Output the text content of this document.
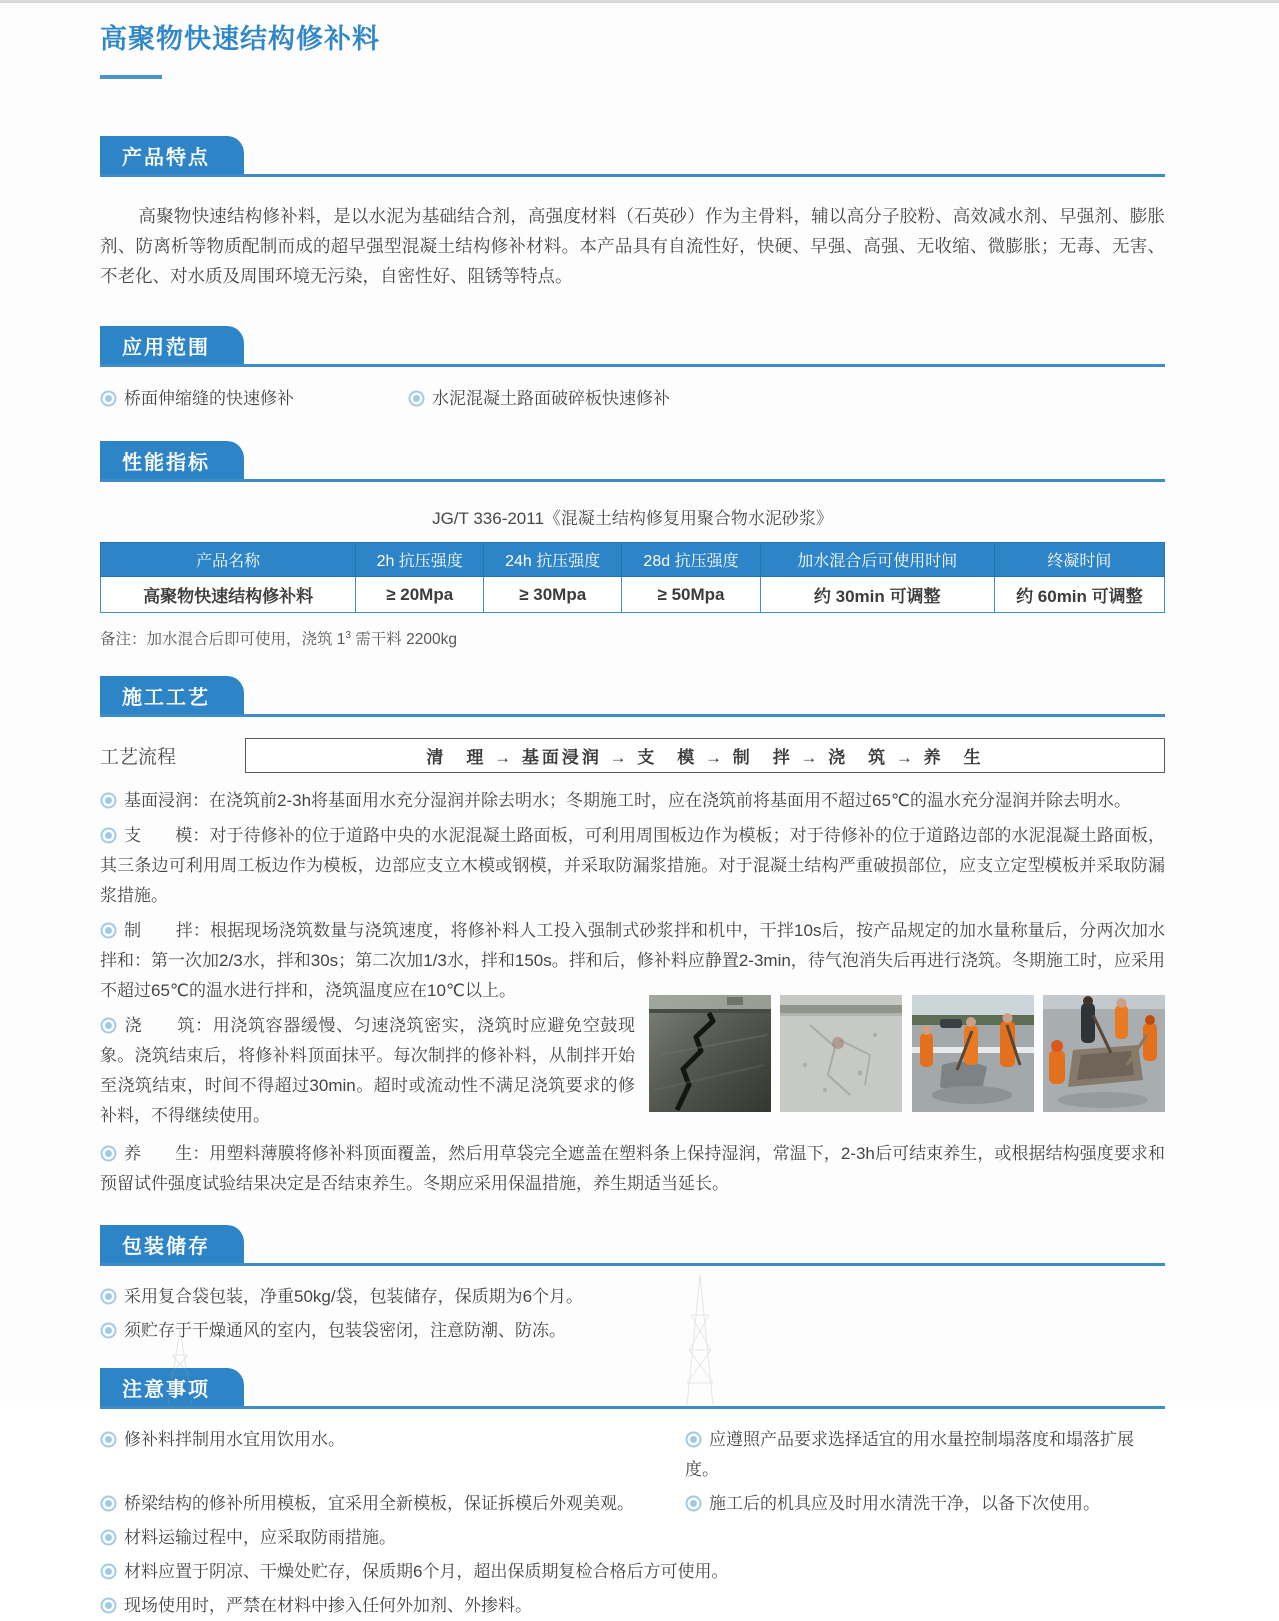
高聚物快速结构修补料
产品特点

高聚物快速结构修补料，是以水泥为基础结合剂，高强度材料（石英砂）作为主骨料，辅以高分子胶粉、高效减水剂、早强剂、膨胀剂、防离析等物质配制而成的超早强型混凝土结构修补材料。本产品具有自流性好，快硬、早强、高强、无收缩、微膨胀；无毒、无害、不老化、对水质及周围环境无污染，自密性好、阻锈等特点。

应用范围
桥面伸缩缝的快速修补	水泥混凝土路面破碎板快速修补
性能指标
JG/T 336-2011《混凝土结构修复用聚合物水泥砂浆》
产品名称	2h 抗压强度	24h 抗压强度	28d 抗压强度	加水混合后可使用时间	终凝时间
高聚物快速结构修补料	≥ 20Mpa	≥ 30Mpa	≥ 50Mpa	约 30min 可调整	约 60min 可调整

备注：加水混合后即可使用，浇筑 $1^3$ 需干料 2200kg

施工工艺
工艺流程	清　理 → 基面浸润 → 支　模 → 制　拌 → 浇　筑 → 养　生

基面浸润：在浇筑前2-3h将基面用水充分湿润并除去明水；冬期施工时，应在浇筑前将基面用不超过65℃的温水充分湿润并除去明水。

支　　模：对于待修补的位于道路中央的水泥混凝土路面板，可利用周围板边作为模板；对于待修补的位于道路边部的水泥混凝土路面板，其三条边可利用周工板边作为模板，边部应支立木模或钢模，并采取防漏浆措施。对于混凝土结构严重破损部位，应支立定型模板并采取防漏浆措施。

制　　拌：根据现场浇筑数量与浇筑速度，将修补料人工投入强制式砂浆拌和机中，干拌10s后，按产品规定的加水量称量后，分两次加水拌和：第一次加2/3水，拌和30s；第二次加1/3水，拌和150s。拌和后，修补料应静置2-3min，待气泡消失后再进行浇筑。冬期施工时，应采用不超过65℃的温水进行拌和，浇筑温度应在10℃以上。

浇　　筑：用浇筑容器缓慢、匀速浇筑密实，浇筑时应避免空鼓现象。浇筑结束后，将修补料顶面抹平。每次制拌的修补料，从制拌开始至浇筑结束，时间不得超过30min。超时或流动性不满足浇筑要求的修补料，不得继续使用。

养　　生：用塑料薄膜将修补料顶面覆盖，然后用草袋完全遮盖在塑料条上保持湿润，常温下，2-3h后可结束养生，或根据结构强度要求和预留试件强度试验结果决定是否结束养生。冬期应采用保温措施，养生期适当延长。

包装储存

采用复合袋包装，净重50kg/袋，包装储存，保质期为6个月。

须贮存于干燥通风的室内，包装袋密闭，注意防潮、防冻。

注意事项

修补料拌制用水宜用饮用水。	应遵照产品要求选择适宜的用水量控制塌落度和塌落扩展度。

桥梁结构的修补所用模板，宜采用全新模板，保证拆模后外观美观。	施工后的机具应及时用水清洗干净，以备下次使用。

材料运输过程中，应采取防雨措施。

材料应置于阴凉、干燥处贮存，保质期6个月，超出保质期复检合格后方可使用。

现场使用时，严禁在材料中掺入任何外加剂、外掺料。
